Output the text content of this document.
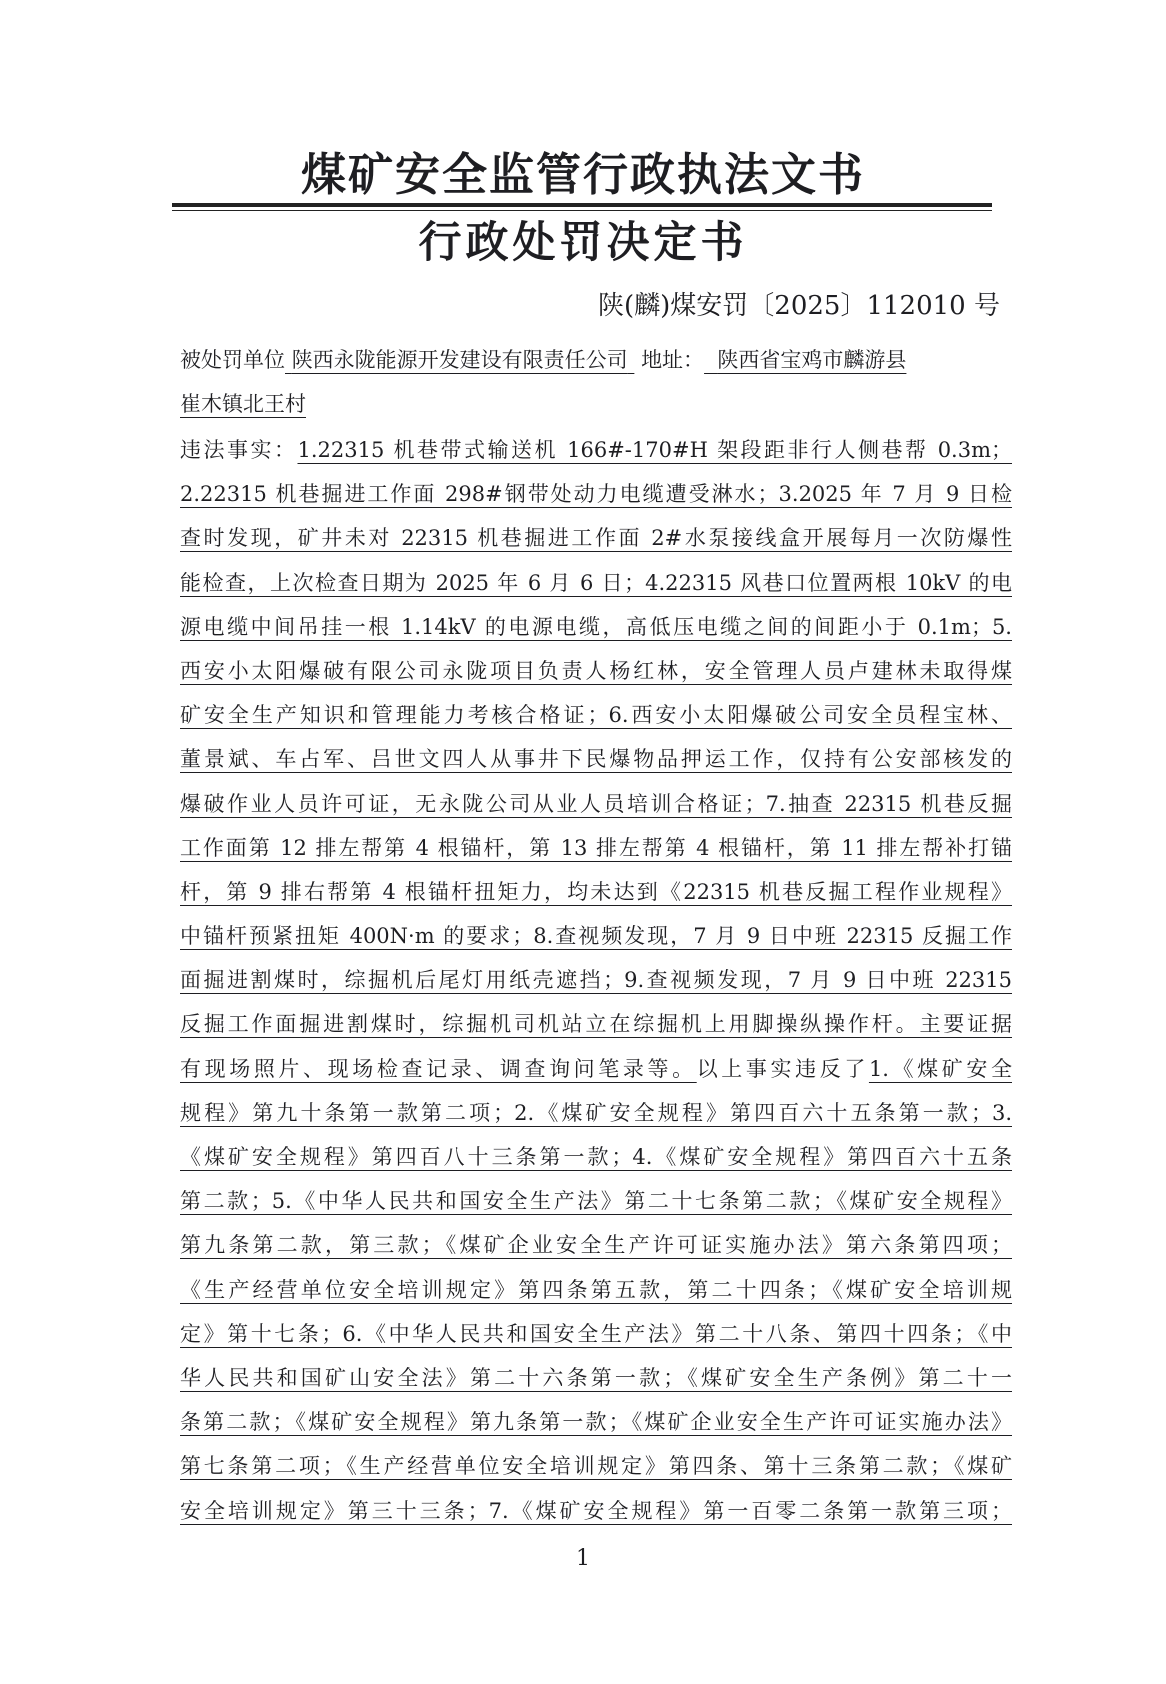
煤矿安全监管行政执法文书
行政处罚决定书
陕(麟)煤安罚〔2025〕112010 号
被处罚单位 陕西永陇能源开发建设有限责任公司 地址： 陕西省宝鸡市麟游县
崔木镇北王村
违法事实：1.22315 机巷带式输送机 166#-170#H 架段距非行人侧巷帮 0.3m；
2.22315 机巷掘进工作面 298#钢带处动力电缆遭受淋水；3.2025 年 7 月 9 日检
查时发现，矿井未对 22315 机巷掘进工作面 2#水泵接线盒开展每月一次防爆性
能检查，上次检查日期为 2025 年 6 月 6 日；4.22315 风巷口位置两根 10kV 的电
源电缆中间吊挂一根 1.14kV 的电源电缆，高低压电缆之间的间距小于 0.1m；5.
西安小太阳爆破有限公司永陇项目负责人杨红林，安全管理人员卢建林未取得煤
矿安全生产知识和管理能力考核合格证；6.西安小太阳爆破公司安全员程宝林、
董景斌、车占军、吕世文四人从事井下民爆物品押运工作，仅持有公安部核发的
爆破作业人员许可证，无永陇公司从业人员培训合格证；7.抽查 22315 机巷反掘
工作面第 12 排左帮第 4 根锚杆，第 13 排左帮第 4 根锚杆，第 11 排左帮补打锚
杆，第 9 排右帮第 4 根锚杆扭矩力，均未达到《22315 机巷反掘工程作业规程》
中锚杆预紧扭矩 400N·m 的要求；8.查视频发现，7 月 9 日中班 22315 反掘工作
面掘进割煤时，综掘机后尾灯用纸壳遮挡；9.查视频发现，7 月 9 日中班 22315
反掘工作面掘进割煤时，综掘机司机站立在综掘机上用脚操纵操作杆。主要证据
有现场照片、现场检查记录、调查询问笔录等。以上事实违反了1.《煤矿安全
规程》第九十条第一款第二项；2.《煤矿安全规程》第四百六十五条第一款；3.
《煤矿安全规程》第四百八十三条第一款；4.《煤矿安全规程》第四百六十五条
第二款；5.《中华人民共和国安全生产法》第二十七条第二款；《煤矿安全规程》
第九条第二款，第三款；《煤矿企业安全生产许可证实施办法》第六条第四项；
《生产经营单位安全培训规定》第四条第五款，第二十四条；《煤矿安全培训规
定》第十七条；6.《中华人民共和国安全生产法》第二十八条、第四十四条；《中
华人民共和国矿山安全法》第二十六条第一款；《煤矿安全生产条例》第二十一
条第二款；《煤矿安全规程》第九条第一款；《煤矿企业安全生产许可证实施办法》
第七条第二项；《生产经营单位安全培训规定》第四条、第十三条第二款；《煤矿
安全培训规定》第三十三条；7.《煤矿安全规程》第一百零二条第一款第三项；
1
